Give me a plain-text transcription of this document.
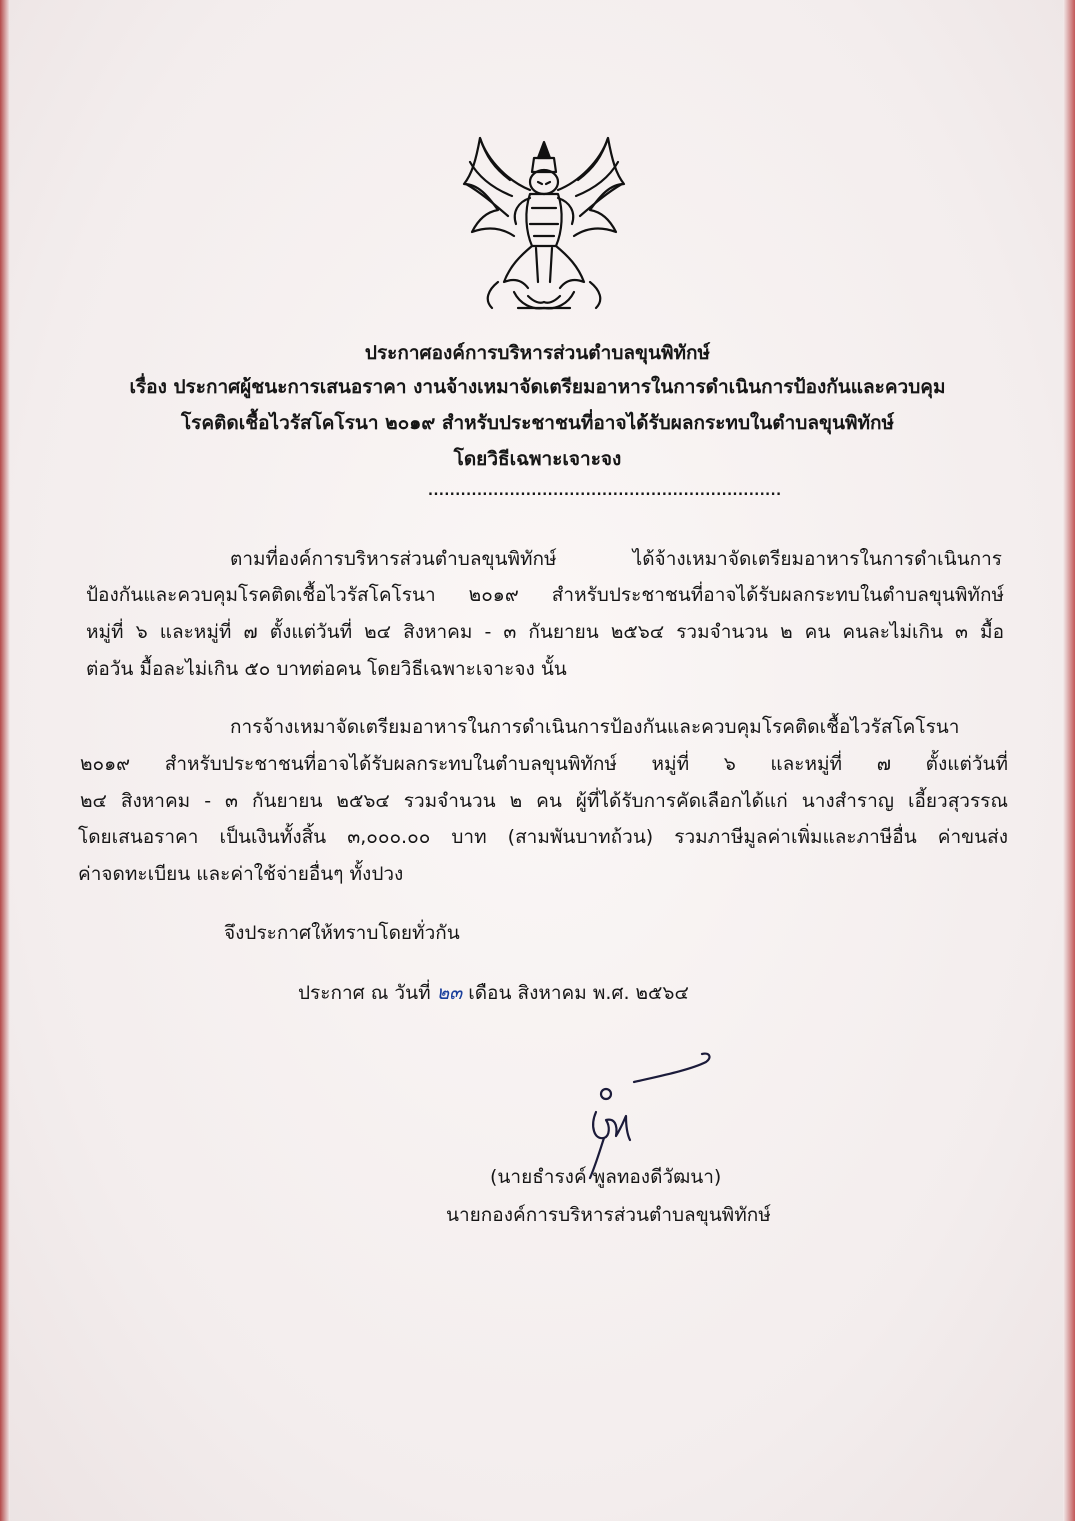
ประกาศองค์การบริหารส่วนตำบลขุนพิทักษ์
เรื่อง ประกาศผู้ชนะการเสนอราคา งานจ้างเหมาจัดเตรียมอาหารในการดำเนินการป้องกันและควบคุม
โรคติดเชื้อไวรัสโคโรนา ๒๐๑๙ สำหรับประชาชนที่อาจได้รับผลกระทบในตำบลขุนพิทักษ์
โดยวิธีเฉพาะเจาะจง
.................................................................
ตามที่องค์การบริหารส่วนตำบลขุนพิทักษ์ ได้จ้างเหมาจัดเตรียมอาหารในการดำเนินการ
ป้องกันและควบคุมโรคติดเชื้อไวรัสโคโรนา ๒๐๑๙ สำหรับประชาชนที่อาจได้รับผลกระทบในตำบลขุนพิทักษ์
หมู่ที่ ๖ และหมู่ที่ ๗ ตั้งแต่วันที่ ๒๔ สิงหาคม - ๓ กันยายน ๒๕๖๔ รวมจำนวน ๒ คน คนละไม่เกิน ๓ มื้อ
ต่อวัน มื้อละไม่เกิน ๕๐ บาทต่อคน โดยวิธีเฉพาะเจาะจง นั้น
การจ้างเหมาจัดเตรียมอาหารในการดำเนินการป้องกันและควบคุมโรคติดเชื้อไวรัสโคโรนา
๒๐๑๙ สำหรับประชาชนที่อาจได้รับผลกระทบในตำบลขุนพิทักษ์ หมู่ที่ ๖ และหมู่ที่ ๗ ตั้งแต่วันที่
๒๔ สิงหาคม - ๓ กันยายน ๒๕๖๔ รวมจำนวน ๒ คน ผู้ที่ได้รับการคัดเลือกได้แก่ นางสำราญ เอี้ยวสุวรรณ
โดยเสนอราคา เป็นเงินทั้งสิ้น ๓,๐๐๐.๐๐ บาท (สามพันบาทถ้วน) รวมภาษีมูลค่าเพิ่มและภาษีอื่น ค่าขนส่ง
ค่าจดทะเบียน และค่าใช้จ่ายอื่นๆ ทั้งปวง
จึงประกาศให้ทราบโดยทั่วกัน
ประกาศ ณ วันที่ ๒๓ เดือน สิงหาคม พ.ศ. ๒๕๖๔
(นายธำรงค์ พูลทองดีวัฒนา)
นายกองค์การบริหารส่วนตำบลขุนพิทักษ์
